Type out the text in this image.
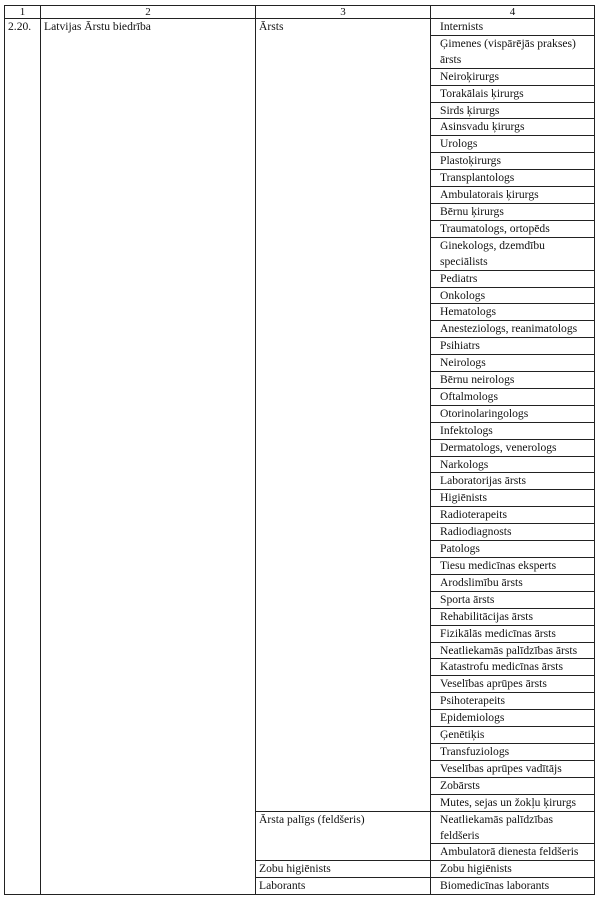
1	2	3	4
2.20.	Latvijas Ārstu biedrība	Ārsts	Internists
			Ģimenes (vispārējās prakses) ārsts
			Neiroķirurgs
			Torakālais ķirurgs
			Sirds ķirurgs
			Asinsvadu ķirurgs
			Urologs
			Plastoķirurgs
			Transplantologs
			Ambulatorais ķirurgs
			Bērnu ķirurgs
			Traumatologs, ortopēds
			Ginekologs, dzemdību speciālists
			Pediatrs
			Onkologs
			Hematologs
			Anesteziologs, reanimatologs
			Psihiatrs
			Neirologs
			Bērnu neirologs
			Oftalmologs
			Otorinolaringologs
			Infektologs
			Dermatologs, venerologs
			Narkologs
			Laboratorijas ārsts
			Higiēnists
			Radioterapeits
			Radiodiagnosts
			Patologs
			Tiesu medicīnas eksperts
			Arodslimību ārsts
			Sporta ārsts
			Rehabilitācijas ārsts
			Fizikālās medicīnas ārsts
			Neatliekamās palīdzības ārsts
			Katastrofu medicīnas ārsts
			Veselības aprūpes ārsts
			Psihoterapeits
			Epidemiologs
			Ģenētiķis
			Transfuziologs
			Veselības aprūpes vadītājs
			Zobārsts
			Mutes, sejas un žokļu ķirurgs
		Ārsta palīgs (feldšeris)	Neatliekamās palīdzības feldšeris
			Ambulatorā dienesta feldšeris
		Zobu higiēnists	Zobu higiēnists
		Laborants	Biomedicīnas laborants
